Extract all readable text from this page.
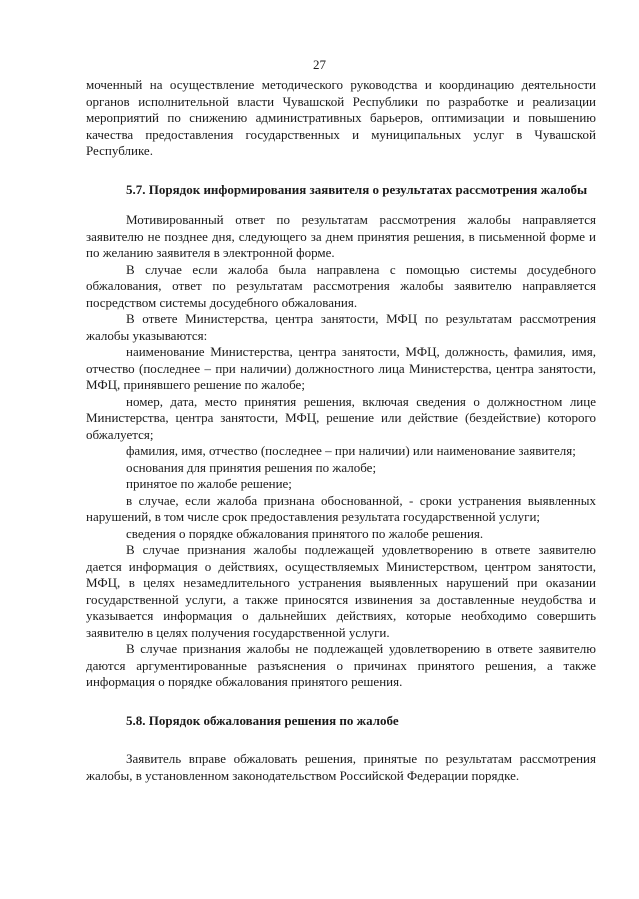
27

моченный на осуществление методического руководства и координацию деятельности органов исполнительной власти Чувашской Республики по разработке и реализации мероприятий по снижению административных барьеров, оптимизации и повышению качества предоставления государственных и муниципальных услуг в Чувашской Республике.

5.7. Порядок информирования заявителя о результатах рассмотрения жалобы

Мотивированный ответ по результатам рассмотрения жалобы направляется заявителю не позднее дня, следующего за днем принятия решения, в письменной форме и по желанию заявителя в электронной форме.

В случае если жалоба была направлена с помощью системы досудебного обжалования, ответ по результатам рассмотрения жалобы заявителю направляется посредством системы досудебного обжалования.

В ответе Министерства, центра занятости, МФЦ по результатам рассмотрения жалобы указываются:

наименование Министерства, центра занятости, МФЦ, должность, фамилия, имя, отчество (последнее – при наличии) должностного лица Министерства, центра занятости, МФЦ, принявшего решение по жалобе;

номер, дата, место принятия решения, включая сведения о должностном лице Министерства, центра занятости, МФЦ, решение или действие (бездействие) которого обжалуется;

фамилия, имя, отчество (последнее – при наличии) или наименование заявителя;

основания для принятия решения по жалобе;

принятое по жалобе решение;

в случае, если жалоба признана обоснованной, - сроки устранения выявленных нарушений, в том числе срок предоставления результата государственной услуги;

сведения о порядке обжалования принятого по жалобе решения.

В случае признания жалобы подлежащей удовлетворению в ответе заявителю дается информация о действиях, осуществляемых Министерством, центром занятости, МФЦ, в целях незамедлительного устранения выявленных нарушений при оказании государственной услуги, а также приносятся извинения за доставленные неудобства и указывается информация о дальнейших действиях, которые необходимо совершить заявителю в целях получения государственной услуги.

В случае признания жалобы не подлежащей удовлетворению в ответе заявителю даются аргументированные разъяснения о причинах принятого решения, а также информация о порядке обжалования принятого решения.

5.8. Порядок обжалования решения по жалобе

Заявитель вправе обжаловать решения, принятые по результатам рассмотрения жалобы, в установленном законодательством Российской Федерации порядке.
